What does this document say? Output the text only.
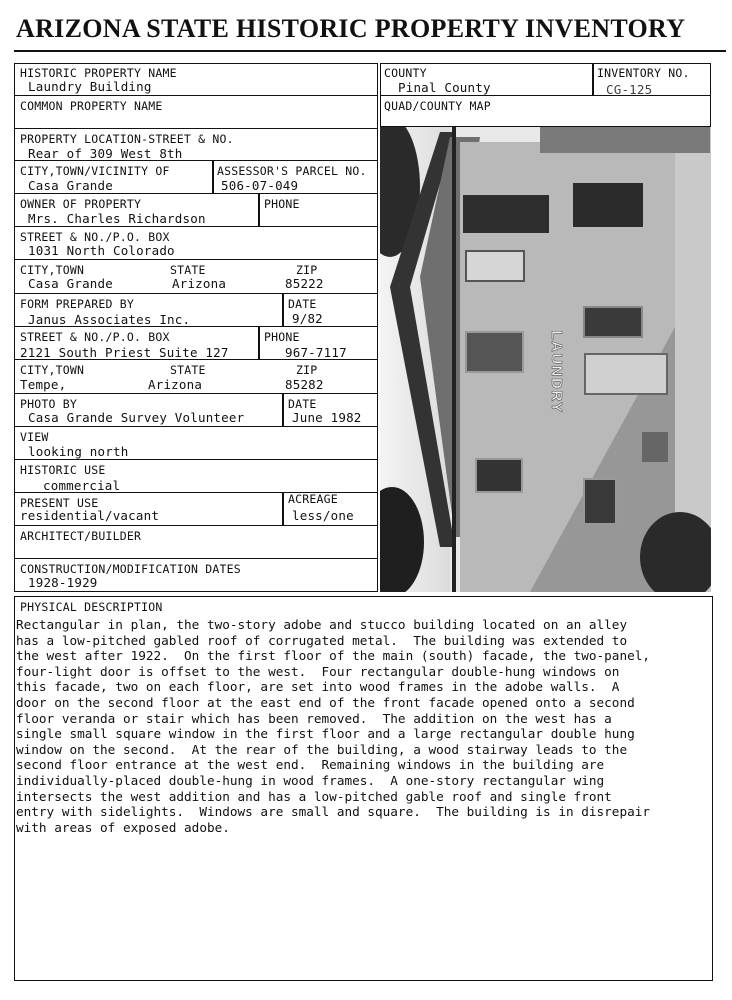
ARIZONA STATE HISTORIC PROPERTY INVENTORY
HISTORIC PROPERTY NAME
Laundry Building
COMMON PROPERTY NAME
PROPERTY LOCATION-STREET & NO.
Rear of 309 West 8th
CITY,TOWN/VICINITY OF
Casa Grande
ASSESSOR'S PARCEL NO.
506-07-049
OWNER OF PROPERTY
Mrs. Charles Richardson
PHONE
STREET & NO./P.O. BOX
1031 North Colorado
CITY,TOWN
Casa Grande
STATE
Arizona
ZIP
85222
FORM PREPARED BY
Janus Associates Inc.
DATE
9/82
STREET & NO./P.O. BOX
2121 South Priest Suite 127
PHONE
967-7117
CITY,TOWN
Tempe,
STATE
Arizona
ZIP
85282
PHOTO BY
Casa Grande Survey Volunteer
DATE
June 1982
VIEW
looking north
HISTORIC USE
commercial
PRESENT USE
residential/vacant
ACREAGE
less/one
ARCHITECT/BUILDER
CONSTRUCTION/MODIFICATION DATES
1928-1929
COUNTY
Pinal County
INVENTORY NO.
CG-125
QUAD/COUNTY MAP
LAUNDRY
PHYSICAL DESCRIPTION
Rectangular in plan, the two-story adobe and stucco building located on an alley
has a low-pitched gabled roof of corrugated metal.  The building was extended to
the west after 1922.  On the first floor of the main (south) facade, the two-panel,
four-light door is offset to the west.  Four rectangular double-hung windows on
this facade, two on each floor, are set into wood frames in the adobe walls.  A
door on the second floor at the east end of the front facade opened onto a second
floor veranda or stair which has been removed.  The addition on the west has a
single small square window in the first floor and a large rectangular double hung
window on the second.  At the rear of the building, a wood stairway leads to the
second floor entrance at the west end.  Remaining windows in the building are
individually-placed double-hung in wood frames.  A one-story rectangular wing
intersects the west addition and has a low-pitched gable roof and single front
entry with sidelights.  Windows are small and square.  The building is in disrepair
with areas of exposed adobe.
